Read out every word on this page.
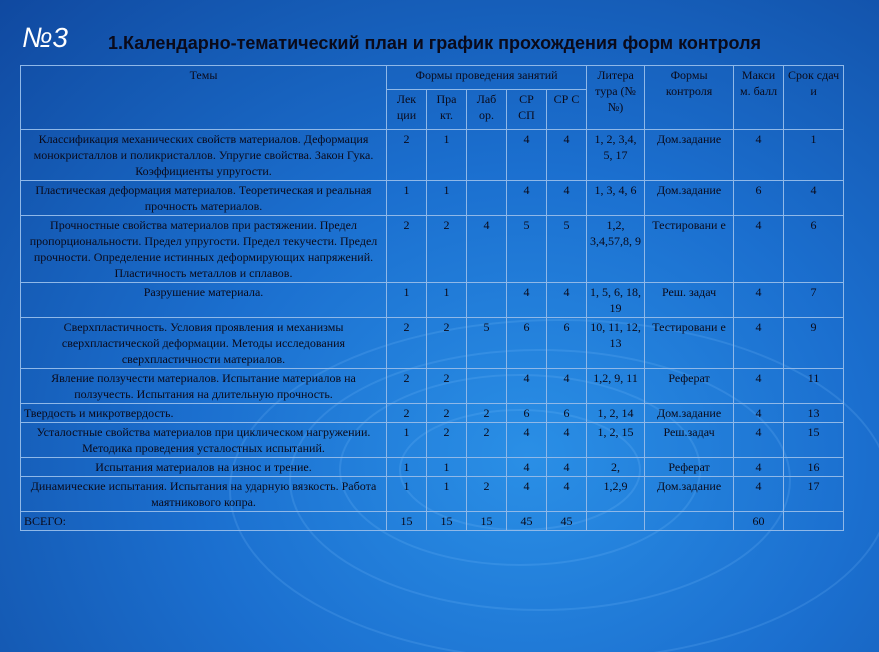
№3 1.Календарно-тематический план и график прохождения форм контроля
Темы	Формы проведения занятий					Литера тура (№№)	Формы контроля	Макси м. балл	Срок сдач и
	Лек ции	Пра кт.	Лаб ор.	СР СП	СР С				
Классификация механических свойств материалов. Деформация монокристаллов и поликристаллов. Упругие свойства. Закон Гука. Коэффициенты упругости.	2	1		4	4	1, 2, 3,4, 5, 17	Дом.задание	4	1
Пластическая деформация материалов. Теоретическая и реальная прочность материалов.	1	1		4	4	1, 3, 4, 6	Дом.задание	6	4
Прочностные свойства материалов при растяжении. Предел пропорциональности. Предел упругости. Предел текучести. Предел прочности. Определение истинных деформирующих напряжений. Пластичность металлов и сплавов.	2	2	4	5	5	1,2, 3,4,57,8, 9	Тестировани е	4	6
Разрушение материала.	1	1		4	4	1, 5, 6, 18, 19	Реш. задач	4	7
Сверхпластичность. Условия проявления и механизмы сверхпластической деформации. Методы исследования сверхпластичности материалов.	2	2	5	6	6	10, 11, 12, 13	Тестировани е	4	9
Явление ползучести материалов. Испытание материалов на ползучесть. Испытания на длительную прочность.	2	2		4	4	1,2, 9, 11	Реферат	4	11
Твердость и микротвердость.	2	2	2	6	6	1, 2, 14	Дом.задание	4	13
Усталостные свойства материалов при циклическом нагружении. Методика проведения усталостных испытаний.	1	2	2	4	4	1, 2, 15	Реш.задач	4	15
Испытания материалов на износ и трение.	1	1		4	4	2,	Реферат	4	16
Динамические испытания. Испытания на ударную вязкость. Работа маятникового копра.	1	1	2	4	4	1,2,9	Дом.задание	4	17
ВСЕГО:	15	15	15	45	45			60	
